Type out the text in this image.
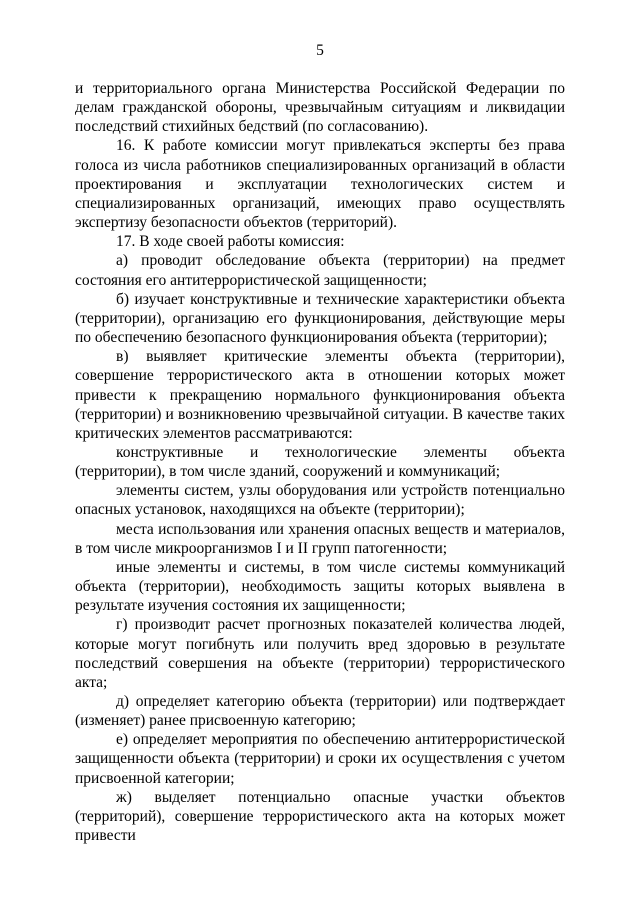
5

и территориального органа Министерства Российской Федерации по делам гражданской обороны, чрезвычайным ситуациям и ликвидации последствий стихийных бедствий (по согласованию).

16. К работе комиссии могут привлекаться эксперты без права голоса из числа работников специализированных организаций в области проектирования и эксплуатации технологических систем и специализированных организаций, имеющих право осуществлять экспертизу безопасности объектов (территорий).

17. В ходе своей работы комиссия:

а) проводит обследование объекта (территории) на предмет состояния его антитеррористической защищенности;

б) изучает конструктивные и технические характеристики объекта (территории), организацию его функционирования, действующие меры по обеспечению безопасного функционирования объекта (территории);

в) выявляет критические элементы объекта (территории), совершение террористического акта в отношении которых может привести к прекращению нормального функционирования объекта (территории) и возникновению чрезвычайной ситуации. В качестве таких критических элементов рассматриваются:

конструктивные и технологические элементы объекта (территории), в том числе зданий, сооружений и коммуникаций;

элементы систем, узлы оборудования или устройств потенциально опасных установок, находящихся на объекте (территории);

места использования или хранения опасных веществ и материалов, в том числе микроорганизмов I и II групп патогенности;

иные элементы и системы, в том числе системы коммуникаций объекта (территории), необходимость защиты которых выявлена в результате изучения состояния их защищенности;

г) производит расчет прогнозных показателей количества людей, которые могут погибнуть или получить вред здоровью в результате последствий совершения на объекте (территории) террористического акта;

д) определяет категорию объекта (территории) или подтверждает (изменяет) ранее присвоенную категорию;

е) определяет мероприятия по обеспечению антитеррористической защищенности объекта (территории) и сроки их осуществления с учетом присвоенной категории;

ж) выделяет потенциально опасные участки объектов (территорий), совершение террористического акта на которых может привести
